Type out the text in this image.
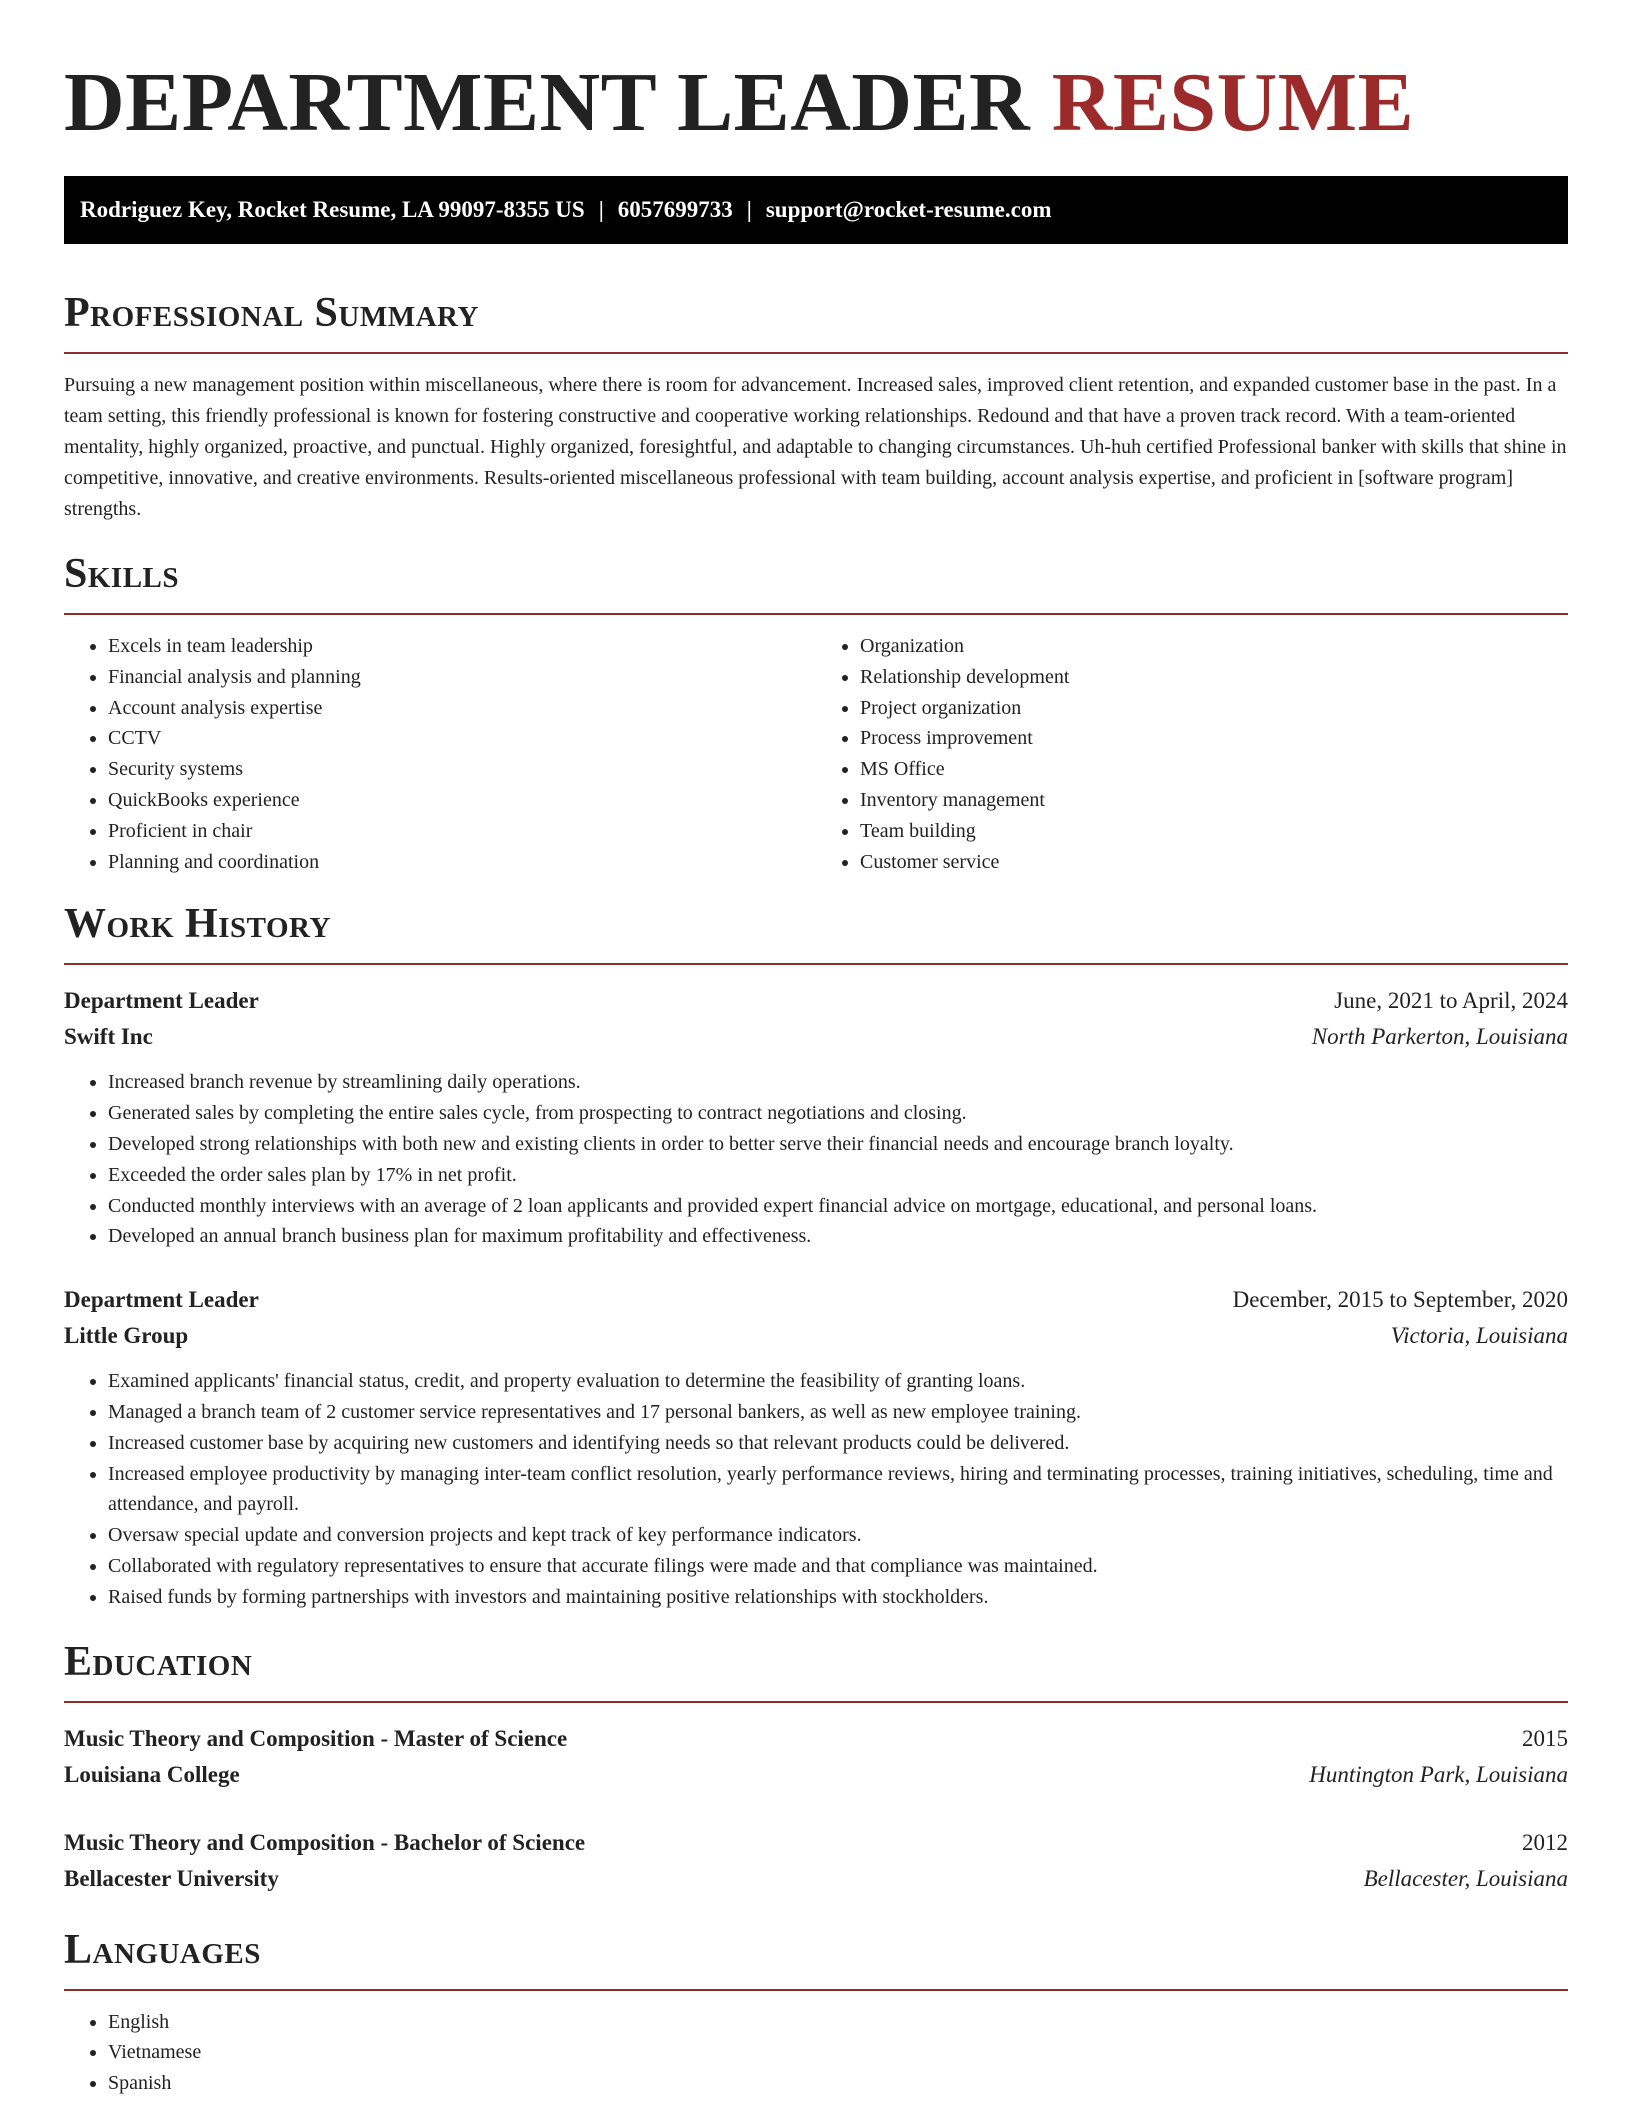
DEPARTMENT LEADER RESUME
Rodriguez Key, Rocket Resume, LA 99097-8355 US | 6057699733 | support@rocket-resume.com
Professional Summary

Pursuing a new management position within miscellaneous, where there is room for advancement. Increased sales, improved client retention, and expanded customer base in the past. In a team setting, this friendly professional is known for fostering constructive and cooperative working relationships. Redound and that have a proven track record. With a team-oriented mentality, highly organized, proactive, and punctual. Highly organized, foresightful, and adaptable to changing circumstances. Uh-huh certified Professional banker with skills that shine in competitive, innovative, and creative environments. Results-oriented miscellaneous professional with team building, account analysis expertise, and proficient in [software program] strengths.

Skills
• Excels in team leadership
• Financial analysis and planning
• Account analysis expertise
• CCTV
• Security systems
• QuickBooks experience
• Proficient in chair
• Planning and coordination
• Organization
• Relationship development
• Project organization
• Process improvement
• MS Office
• Inventory management
• Team building
• Customer service
Work History
Department Leader	June, 2021 to April, 2024
Swift Inc	North Parkerton, Louisiana
• Increased branch revenue by streamlining daily operations.
• Generated sales by completing the entire sales cycle, from prospecting to contract negotiations and closing.
• Developed strong relationships with both new and existing clients in order to better serve their financial needs and encourage branch loyalty.
• Exceeded the order sales plan by 17% in net profit.
• Conducted monthly interviews with an average of 2 loan applicants and provided expert financial advice on mortgage, educational, and personal loans.
• Developed an annual branch business plan for maximum profitability and effectiveness.
Department Leader	December, 2015 to September, 2020
Little Group	Victoria, Louisiana
• Examined applicants' financial status, credit, and property evaluation to determine the feasibility of granting loans.
• Managed a branch team of 2 customer service representatives and 17 personal bankers, as well as new employee training.
• Increased customer base by acquiring new customers and identifying needs so that relevant products could be delivered.
• Increased employee productivity by managing inter-team conflict resolution, yearly performance reviews, hiring and terminating processes, training initiatives, scheduling, time and attendance, and payroll.
• Oversaw special update and conversion projects and kept track of key performance indicators.
• Collaborated with regulatory representatives to ensure that accurate filings were made and that compliance was maintained.
• Raised funds by forming partnerships with investors and maintaining positive relationships with stockholders.
Education
Music Theory and Composition - Master of Science	2015
Louisiana College	Huntington Park, Louisiana
Music Theory and Composition - Bachelor of Science	2012
Bellacester University	Bellacester, Louisiana
Languages
• English
• Vietnamese
• Spanish
